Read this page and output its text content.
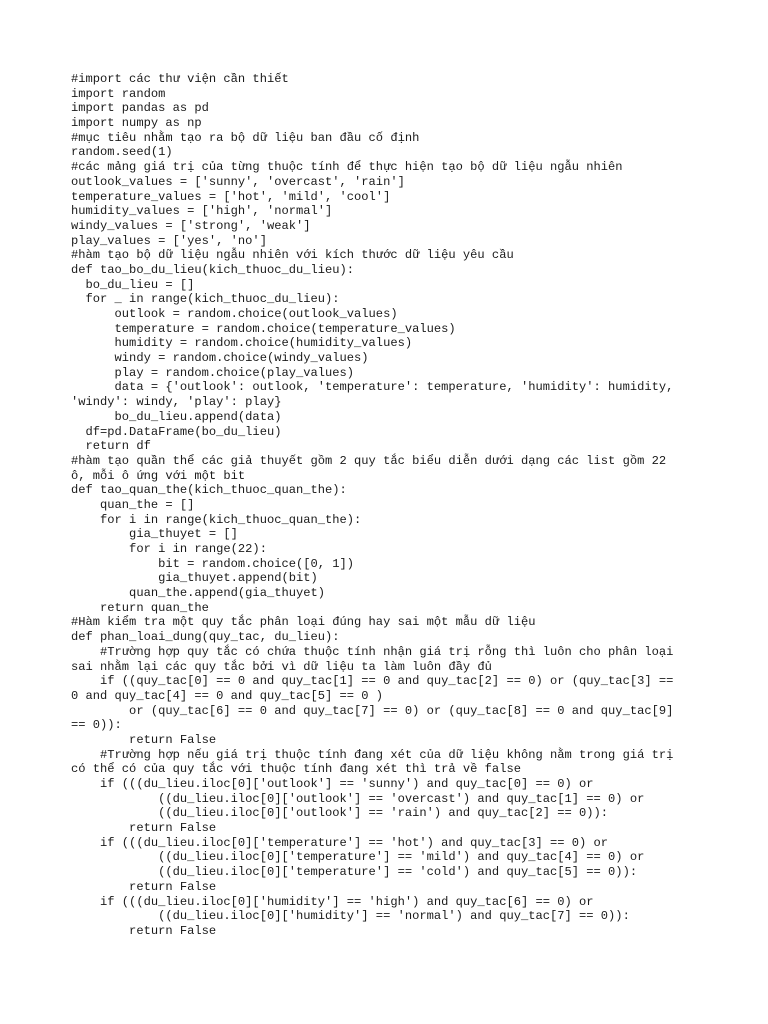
#import các thư viện cần thiết
import random
import pandas as pd
import numpy as np
#mục tiêu nhằm tạo ra bộ dữ liệu ban đầu cố định
random.seed(1)
#các mảng giá trị của từng thuộc tính để thực hiện tạo bộ dữ liệu ngẫu nhiên
outlook_values = ['sunny', 'overcast', 'rain']
temperature_values = ['hot', 'mild', 'cool']
humidity_values = ['high', 'normal']
windy_values = ['strong', 'weak']
play_values = ['yes', 'no']
#hàm tạo bộ dữ liệu ngẫu nhiên với kích thước dữ liệu yêu cầu
def tao_bo_du_lieu(kich_thuoc_du_lieu):
bo_du_lieu = []
for _ in range(kich_thuoc_du_lieu):
outlook = random.choice(outlook_values)
temperature = random.choice(temperature_values)
humidity = random.choice(humidity_values)
windy = random.choice(windy_values)
play = random.choice(play_values)
data = {'outlook': outlook, 'temperature': temperature, 'humidity': humidity,
'windy': windy, 'play': play}
bo_du_lieu.append(data)
df=pd.DataFrame(bo_du_lieu)
return df
#hàm tạo quần thể các giả thuyết gồm 2 quy tắc biểu diễn dưới dạng các list gồm 22
ô, mỗi ô ứng với một bit
def tao_quan_the(kich_thuoc_quan_the):
quan_the = []
for i in range(kich_thuoc_quan_the):
gia_thuyet = []
for i in range(22):
bit = random.choice([0, 1])
gia_thuyet.append(bit)
quan_the.append(gia_thuyet)
return quan_the
#Hàm kiểm tra một quy tắc phân loại đúng hay sai một mẫu dữ liệu
def phan_loai_dung(quy_tac, du_lieu):
#Trường hợp quy tắc có chứa thuộc tính nhận giá trị rỗng thì luôn cho phân loại
sai nhằm lại các quy tắc bởi vì dữ liệu ta làm luôn đầy đủ
if ((quy_tac[0] == 0 and quy_tac[1] == 0 and quy_tac[2] == 0) or (quy_tac[3] ==
0 and quy_tac[4] == 0 and quy_tac[5] == 0 )
or (quy_tac[6] == 0 and quy_tac[7] == 0) or (quy_tac[8] == 0 and quy_tac[9]
== 0)):
return False
#Trường hợp nếu giá trị thuộc tính đang xét của dữ liệu không nằm trong giá trị
có thể có của quy tắc với thuộc tính đang xét thì trả về false
if (((du_lieu.iloc[0]['outlook'] == 'sunny') and quy_tac[0] == 0) or
((du_lieu.iloc[0]['outlook'] == 'overcast') and quy_tac[1] == 0) or
((du_lieu.iloc[0]['outlook'] == 'rain') and quy_tac[2] == 0)):
return False
if (((du_lieu.iloc[0]['temperature'] == 'hot') and quy_tac[3] == 0) or
((du_lieu.iloc[0]['temperature'] == 'mild') and quy_tac[4] == 0) or
((du_lieu.iloc[0]['temperature'] == 'cold') and quy_tac[5] == 0)):
return False
if (((du_lieu.iloc[0]['humidity'] == 'high') and quy_tac[6] == 0) or
((du_lieu.iloc[0]['humidity'] == 'normal') and quy_tac[7] == 0)):
return False
